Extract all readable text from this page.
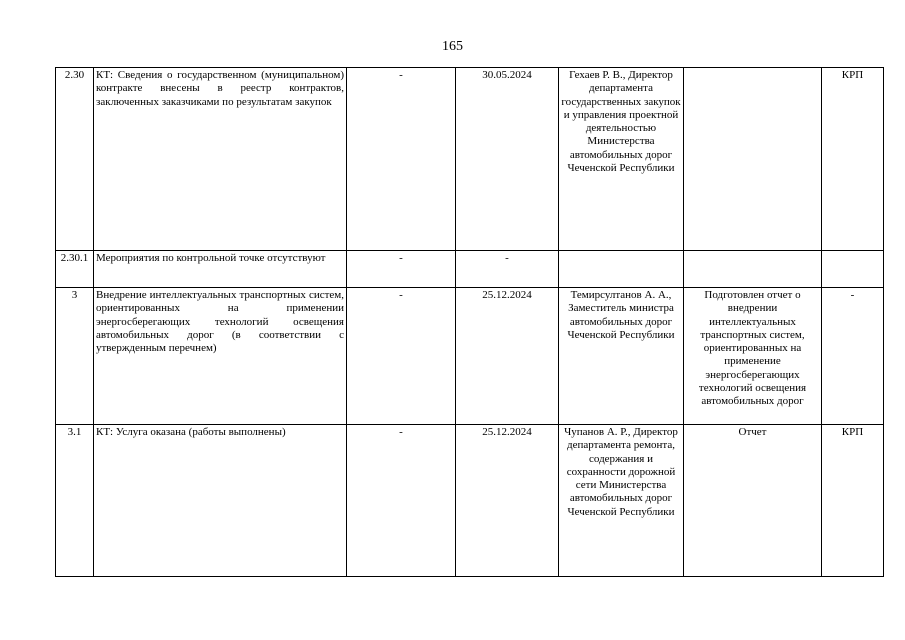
165
2.30	КТ: Сведения о государственном (муниципальном) контракте внесены в реестр контрактов, заключенных заказчиками по результатам закупок	-	30.05.2024	Гехаев Р. В., Директор департамента государственных закупок и управления проектной деятельностью Министерства автомобильных дорог Чеченской Республики		КРП
2.30.1	Мероприятия по контрольной точке отсутствуют	-	-			
3	Внедрение интеллектуальных транспортных систем, ориентированных на применении энергосберегающих технологий освещения автомобильных дорог (в соответствии с утвержденным перечнем)	-	25.12.2024	Темирсултанов А. А., Заместитель министра автомобильных дорог Чеченской Республики	Подготовлен отчет о внедрении интеллектуальных транспортных систем, ориентированных на применение энергосберегающих технологий освещения автомобильных дорог	-
3.1	КТ: Услуга оказана (работы выполнены)	-	25.12.2024	Чупанов А. Р., Директор департамента ремонта, содержания и сохранности дорожной сети Министерства автомобильных дорог Чеченской Республики	Отчет	КРП
